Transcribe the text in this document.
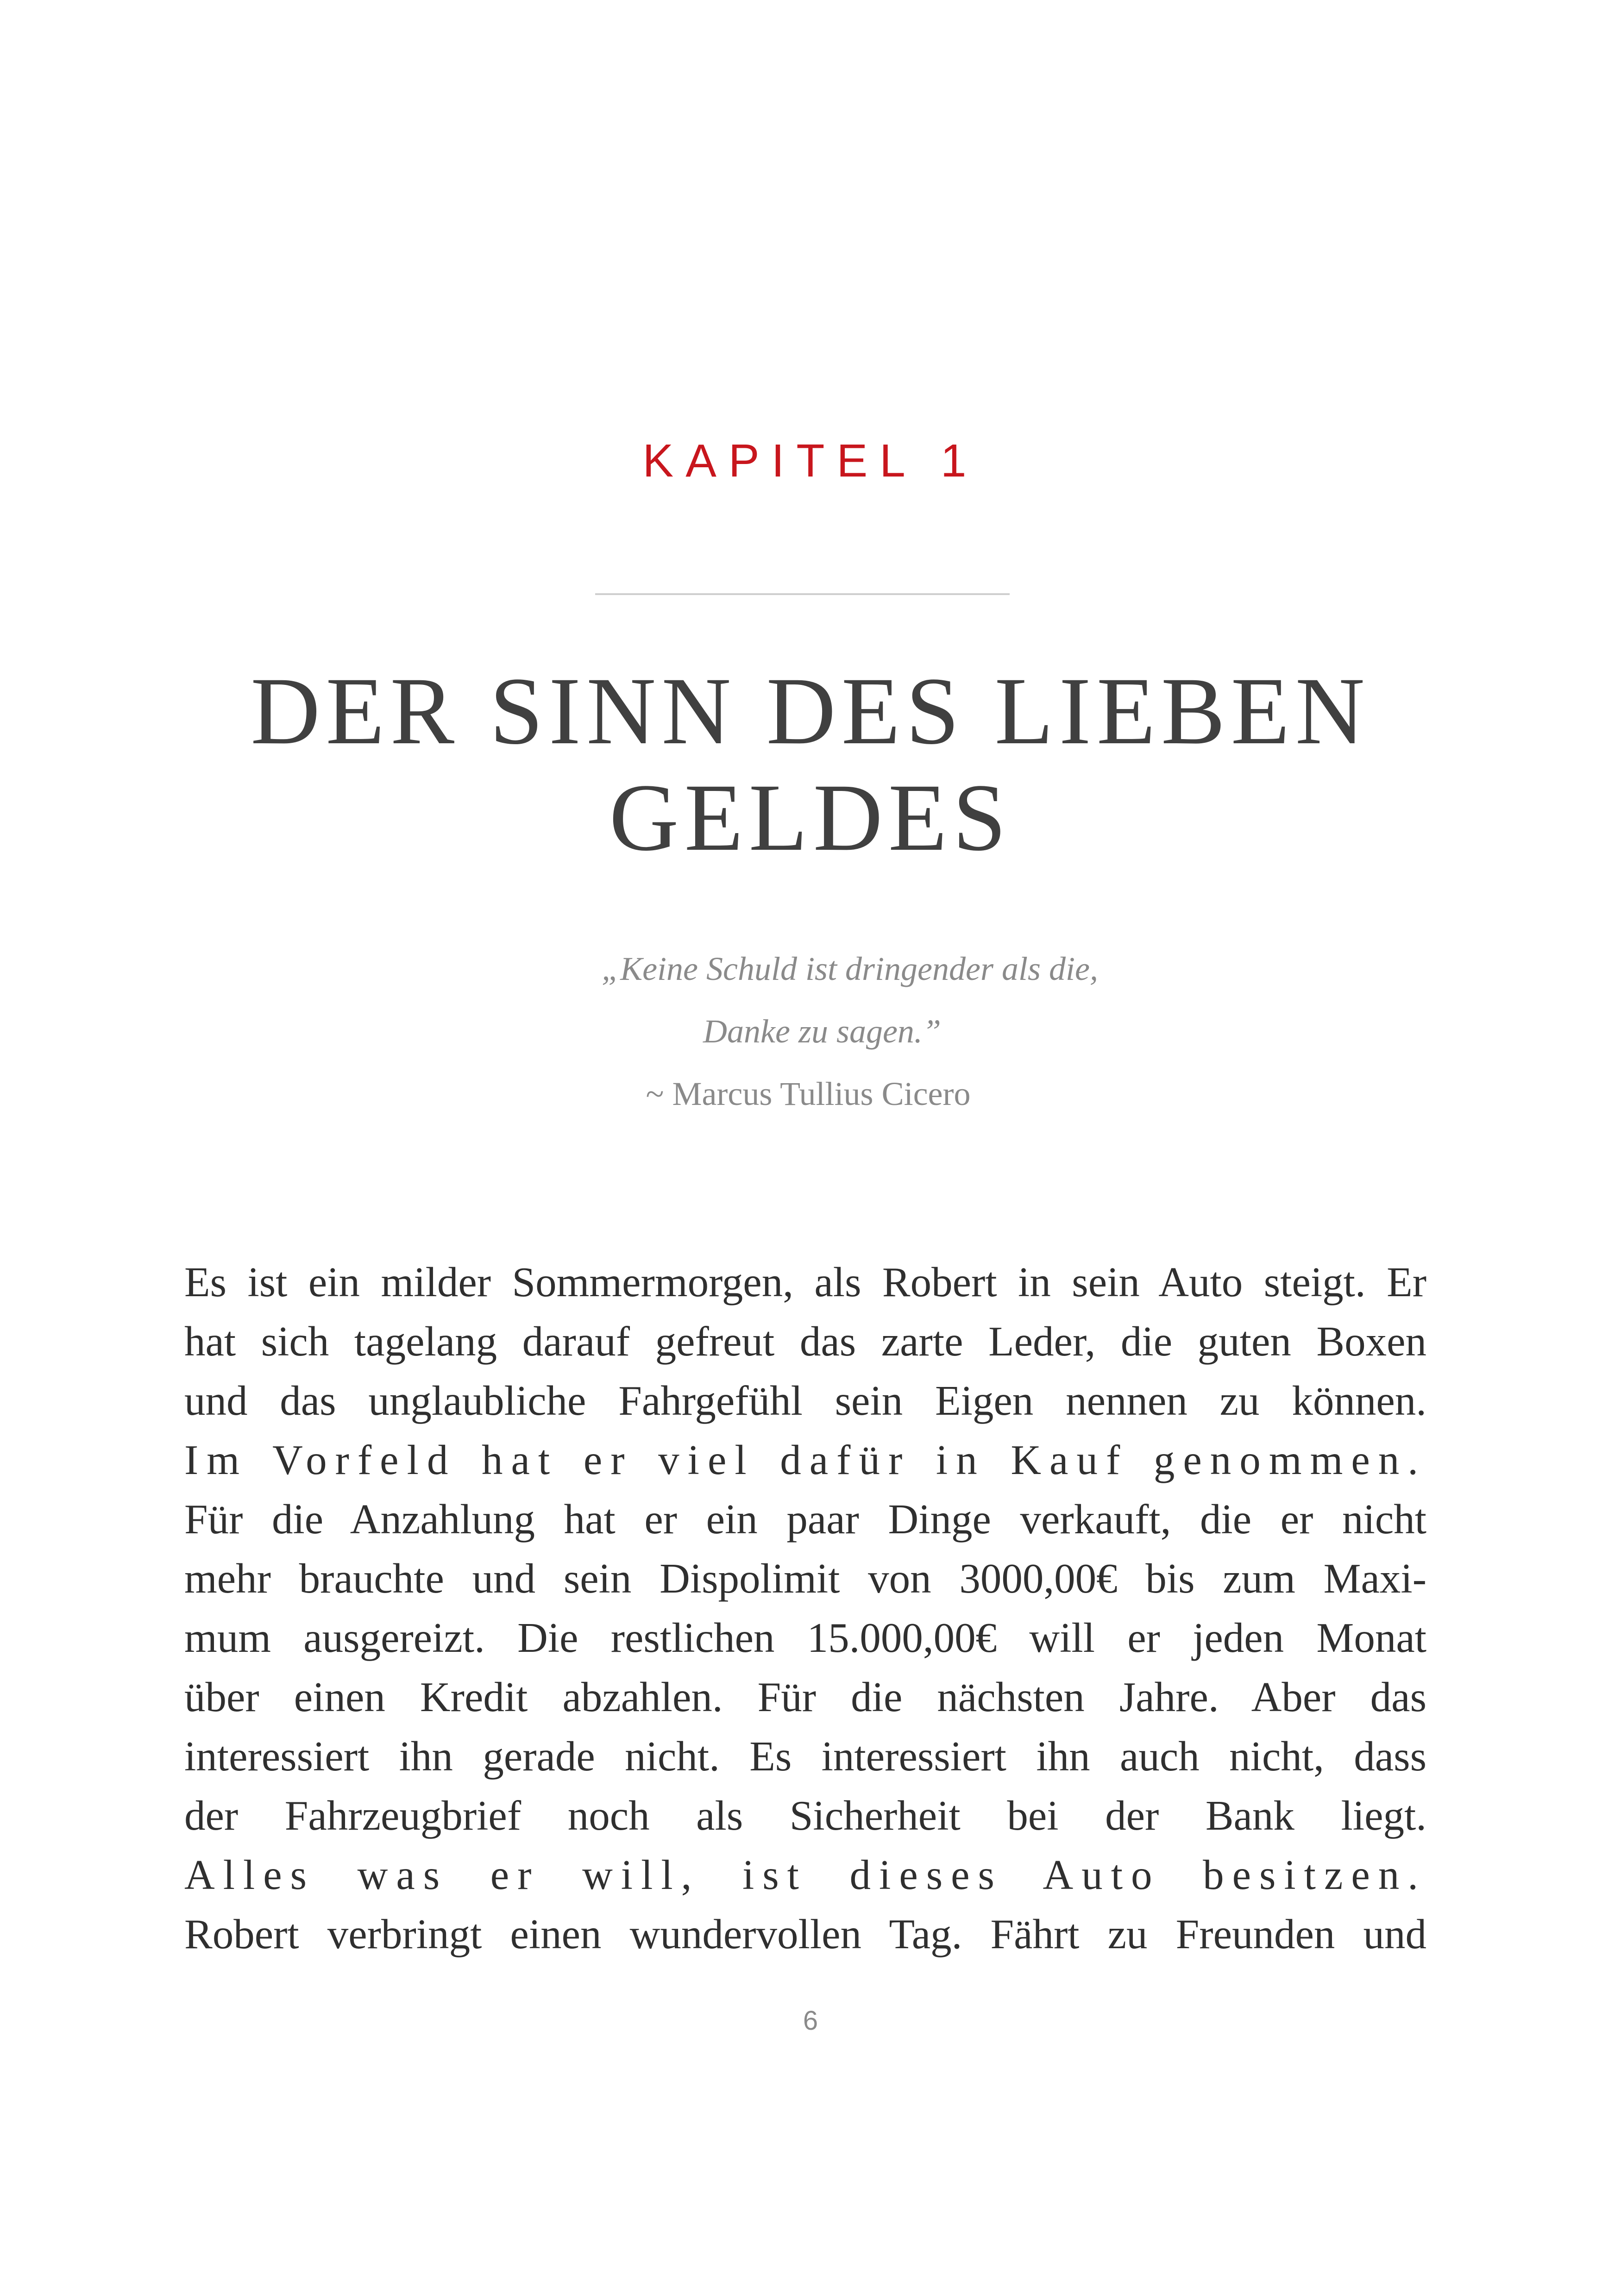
KAPITEL 1
DER SINN DES LIEBEN
GELDES
„Keine Schuld ist dringender als die,
Danke zu sagen.”
~ Marcus Tullius Cicero
Es ist ein milder Sommermorgen, als Robert in sein Auto steigt. Er
hat sich tagelang darauf gefreut das zarte Leder, die guten Boxen
und das unglaubliche Fahrgefühl sein Eigen nennen zu können.
Im Vorfeld hat er viel dafür in Kauf genommen.
Für die Anzahlung hat er ein paar Dinge verkauft, die er nicht
mehr brauchte und sein Dispolimit von 3000,00€ bis zum Maxi-
mum ausgereizt. Die restlichen 15.000,00€ will er jeden Monat
über einen Kredit abzahlen. Für die nächsten Jahre. Aber das
interessiert ihn gerade nicht. Es interessiert ihn auch nicht, dass
der Fahrzeugbrief noch als Sicherheit bei der Bank liegt.
Alles was er will, ist dieses Auto besitzen.
Robert verbringt einen wundervollen Tag. Fährt zu Freunden und
6
